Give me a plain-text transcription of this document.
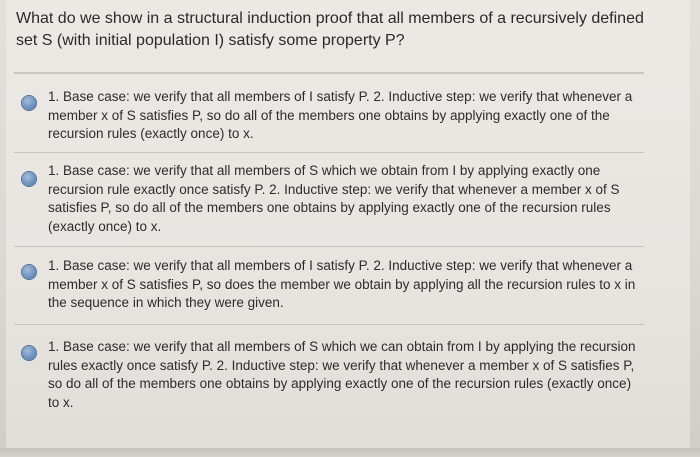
What do we show in a structural induction proof that all members of a recursively defined set S (with initial population I) satisfy some property P?

1. Base case: we verify that all members of I satisfy P. 2. Inductive step: we verify that whenever a member x of S satisfies P, so do all of the members one obtains by applying exactly one of the recursion rules (exactly once) to x.
1. Base case: we verify that all members of S which we obtain from I by applying exactly one recursion rule exactly once satisfy P. 2. Inductive step: we verify that whenever a member x of S satisfies P, so do all of the members one obtains by applying exactly one of the recursion rules (exactly once) to x.
1. Base case: we verify that all members of I satisfy P. 2. Inductive step: we verify that whenever a member x of S satisfies P, so does the member we obtain by applying all the recursion rules to x in the sequence in which they were given.
1. Base case: we verify that all members of S which we can obtain from I by applying the recursion rules exactly once satisfy P. 2. Inductive step: we verify that whenever a member x of S satisfies P, so do all of the members one obtains by applying exactly one of the recursion rules (exactly once) to x.
